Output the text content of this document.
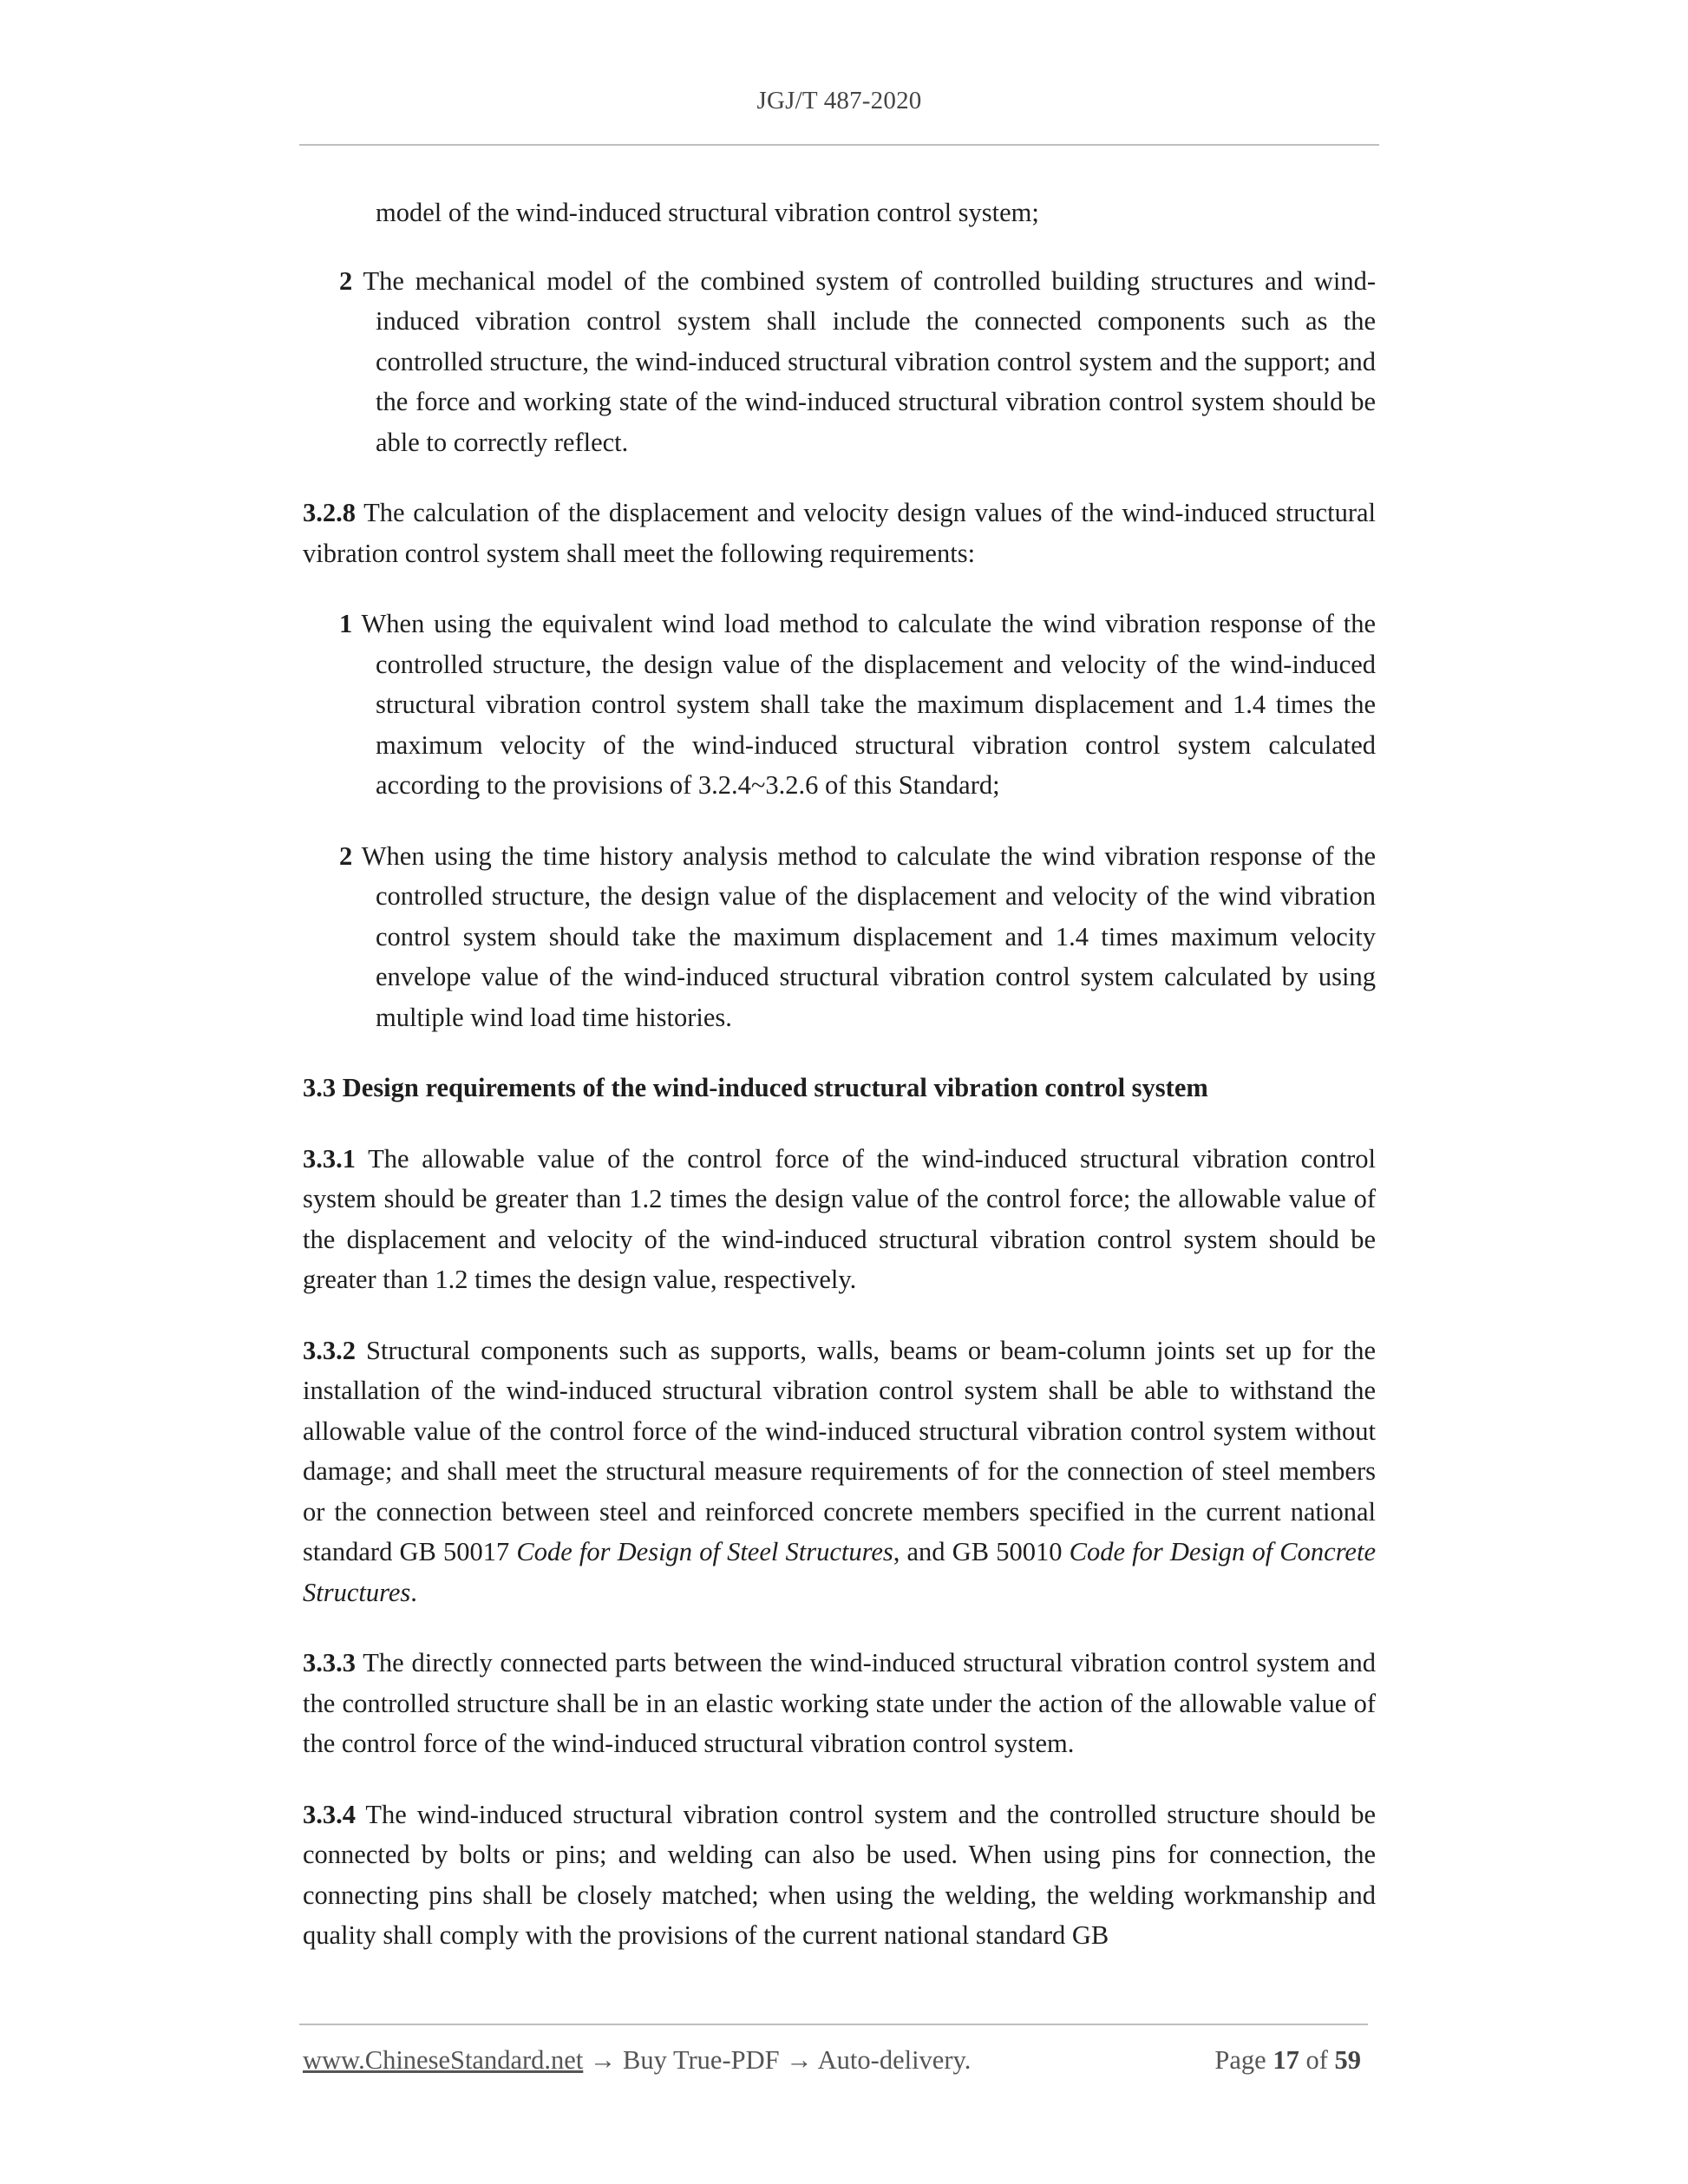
JGJ/T 487-2020

model of the wind-induced structural vibration control system;

2 The mechanical model of the combined system of controlled building structures and wind-induced vibration control system shall include the connected components such as the controlled structure, the wind-induced structural vibration control system and the support; and the force and working state of the wind-induced structural vibration control system should be able to correctly reflect.

3.2.8 The calculation of the displacement and velocity design values of the wind-induced structural vibration control system shall meet the following requirements:

1 When using the equivalent wind load method to calculate the wind vibration response of the controlled structure, the design value of the displacement and velocity of the wind-induced structural vibration control system shall take the maximum displacement and 1.4 times the maximum velocity of the wind-induced structural vibration control system calculated according to the provisions of 3.2.4~3.2.6 of this Standard;

2 When using the time history analysis method to calculate the wind vibration response of the controlled structure, the design value of the displacement and velocity of the wind vibration control system should take the maximum displacement and 1.4 times maximum velocity envelope value of the wind-induced structural vibration control system calculated by using multiple wind load time histories.

3.3 Design requirements of the wind-induced structural vibration control system

3.3.1 The allowable value of the control force of the wind-induced structural vibration control system should be greater than 1.2 times the design value of the control force; the allowable value of the displacement and velocity of the wind-induced structural vibration control system should be greater than 1.2 times the design value, respectively.

3.3.2 Structural components such as supports, walls, beams or beam-column joints set up for the installation of the wind-induced structural vibration control system shall be able to withstand the allowable value of the control force of the wind-induced structural vibration control system without damage; and shall meet the structural measure requirements of for the connection of steel members or the connection between steel and reinforced concrete members specified in the current national standard GB 50017 Code for Design of Steel Structures, and GB 50010 Code for Design of Concrete Structures.

3.3.3 The directly connected parts between the wind-induced structural vibration control system and the controlled structure shall be in an elastic working state under the action of the allowable value of the control force of the wind-induced structural vibration control system.

3.3.4 The wind-induced structural vibration control system and the controlled structure should be connected by bolts or pins; and welding can also be used. When using pins for connection, the connecting pins shall be closely matched; when using the welding, the welding workmanship and quality shall comply with the provisions of the current national standard GB

www.ChineseStandard.net → Buy True-PDF → Auto-delivery.	Page 17 of 59
